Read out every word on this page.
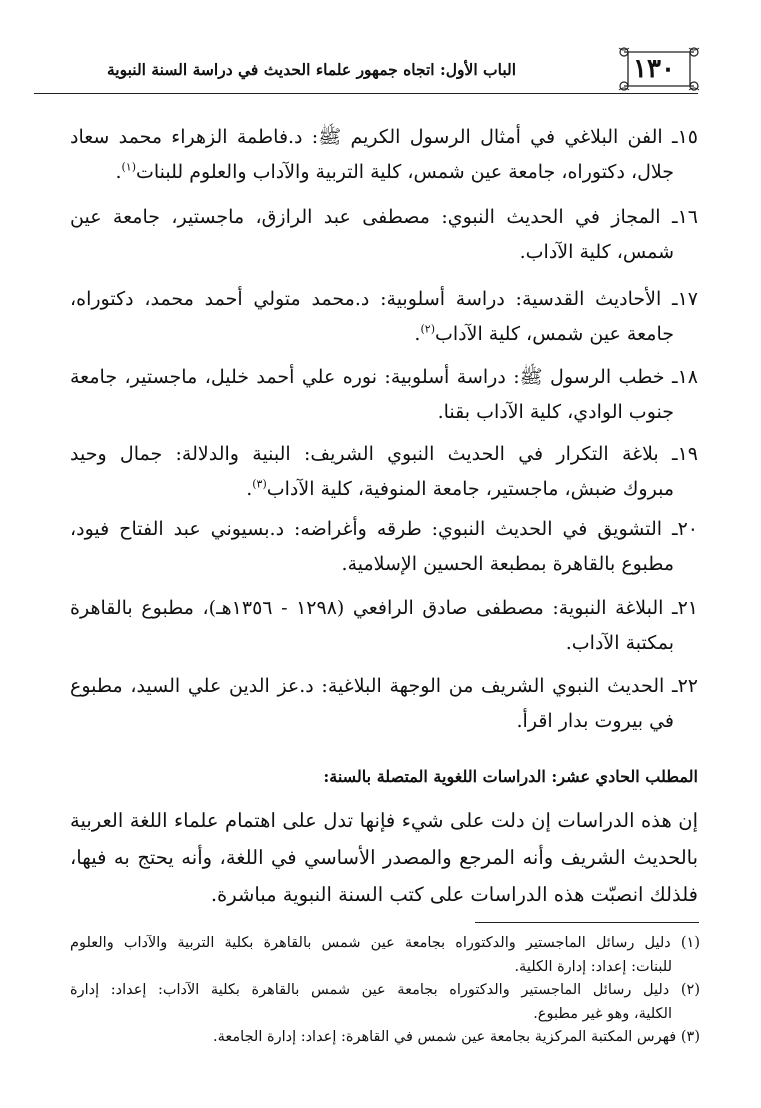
الباب الأول: اتجاه جمهور علماء الحديث في دراسة السنة النبوية	١٣٠
١٥ـ الفن البلاغي في أمثال الرسول الكريم ﷺ: د.فاطمة الزهراء محمد سعاد
جلال، دكتوراه، جامعة عين شمس، كلية التربية والآداب والعلوم للبنات$^{(١)}$.
١٦ـ المجاز في الحديث النبوي: مصطفى عبد الرازق، ماجستير، جامعة عين
شمس، كلية الآداب.
١٧ـ الأحاديث القدسية: دراسة أسلوبية: د.محمد متولي أحمد محمد، دكتوراه،
جامعة عين شمس، كلية الآداب$^{(٢)}$.
١٨ـ خطب الرسول ﷺ: دراسة أسلوبية: نوره علي أحمد خليل، ماجستير، جامعة
جنوب الوادي، كلية الآداب بقنا.
١٩ـ بلاغة التكرار في الحديث النبوي الشريف: البنية والدلالة: جمال وحيد
مبروك ضبش، ماجستير، جامعة المنوفية، كلية الآداب$^{(٣)}$.
٢٠ـ التشويق في الحديث النبوي: طرقه وأغراضه: د.بسيوني عبد الفتاح فيود،
مطبوع بالقاهرة بمطبعة الحسين الإسلامية.
٢١ـ البلاغة النبوية: مصطفى صادق الرافعي (١٢٩٨ - ١٣٥٦هـ)، مطبوع بالقاهرة
بمكتبة الآداب.
٢٢ـ الحديث النبوي الشريف من الوجهة البلاغية: د.عز الدين علي السيد، مطبوع
في بيروت بدار اقرأ.
المطلب الحادي عشر: الدراسات اللغوية المتصلة بالسنة:
إن هذه الدراسات إن دلت على شيء فإنها تدل على اهتمام علماء اللغة العربية
بالحديث الشريف وأنه المرجع والمصدر الأساسي في اللغة، وأنه يحتج به فيها،
فلذلك انصبّت هذه الدراسات على كتب السنة النبوية مباشرة.
(١) دليل رسائل الماجستير والدكتوراه بجامعة عين شمس بالقاهرة بكلية التربية والآداب والعلوم
للبنات: إعداد: إدارة الكلية.
(٢) دليل رسائل الماجستير والدكتوراه بجامعة عين شمس بالقاهرة بكلية الآداب: إعداد: إدارة
الكلية، وهو غير مطبوع.
(٣) فهرس المكتبة المركزية بجامعة عين شمس في القاهرة: إعداد: إدارة الجامعة.
